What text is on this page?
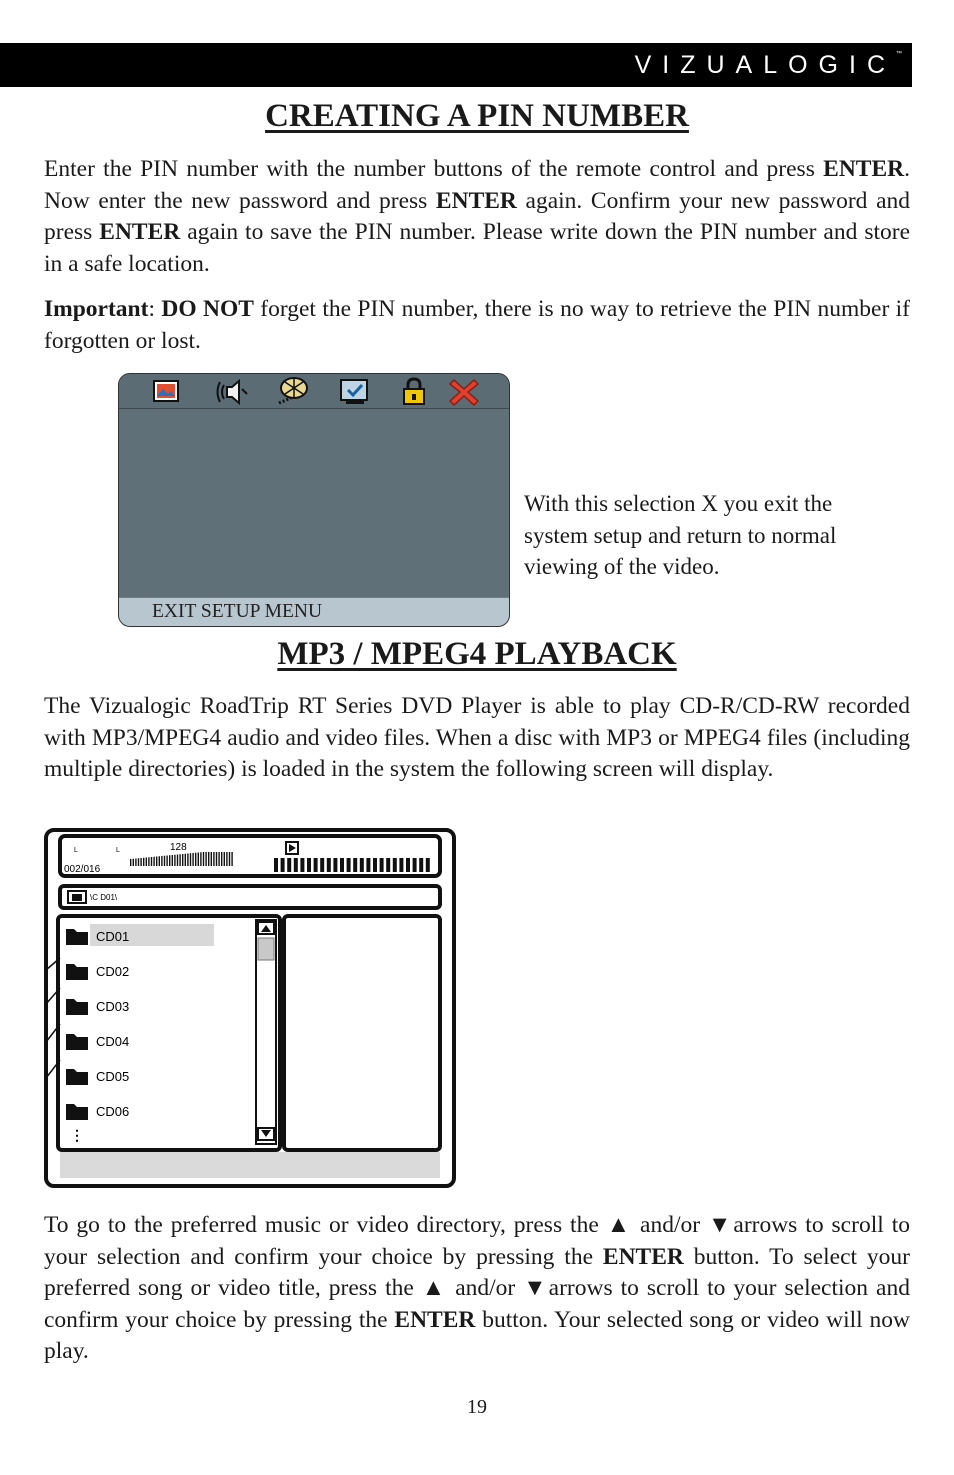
VIZUALOGIC™
CREATING A PIN NUMBER

Enter the PIN number with the number buttons of the remote control and press ENTER. Now enter the new password and press ENTER again. Confirm your new password and press ENTER again to save the PIN number. Please write down the PIN number and store in a safe location.

Important: DO NOT forget the PIN number, there is no way to retrieve the PIN number if forgotten or lost.

EXIT SETUP MENU

With this selection X you exit the system setup and return to normal viewing of the video.

MP3 / MPEG4 PLAYBACK

The Vizualogic RoadTrip RT Series DVD Player is able to play CD-R/CD-RW recorded with MP3/MPEG4 audio and video files. When a disc with MP3 or MPEG4 files (including multiple directories) is loaded in the system the following screen will display.

L	L	128
002/016
\C D01\
CD01
CD02
CD03
CD04
CD05
CD06
⋮

To go to the preferred music or video directory, press the ▲ and/or ▼arrows to scroll to your selection and confirm your choice by pressing the ENTER button. To select your preferred song or video title, press the ▲ and/or ▼arrows to scroll to your selection and confirm your choice by pressing the ENTER button. Your selected song or video will now play.

19
